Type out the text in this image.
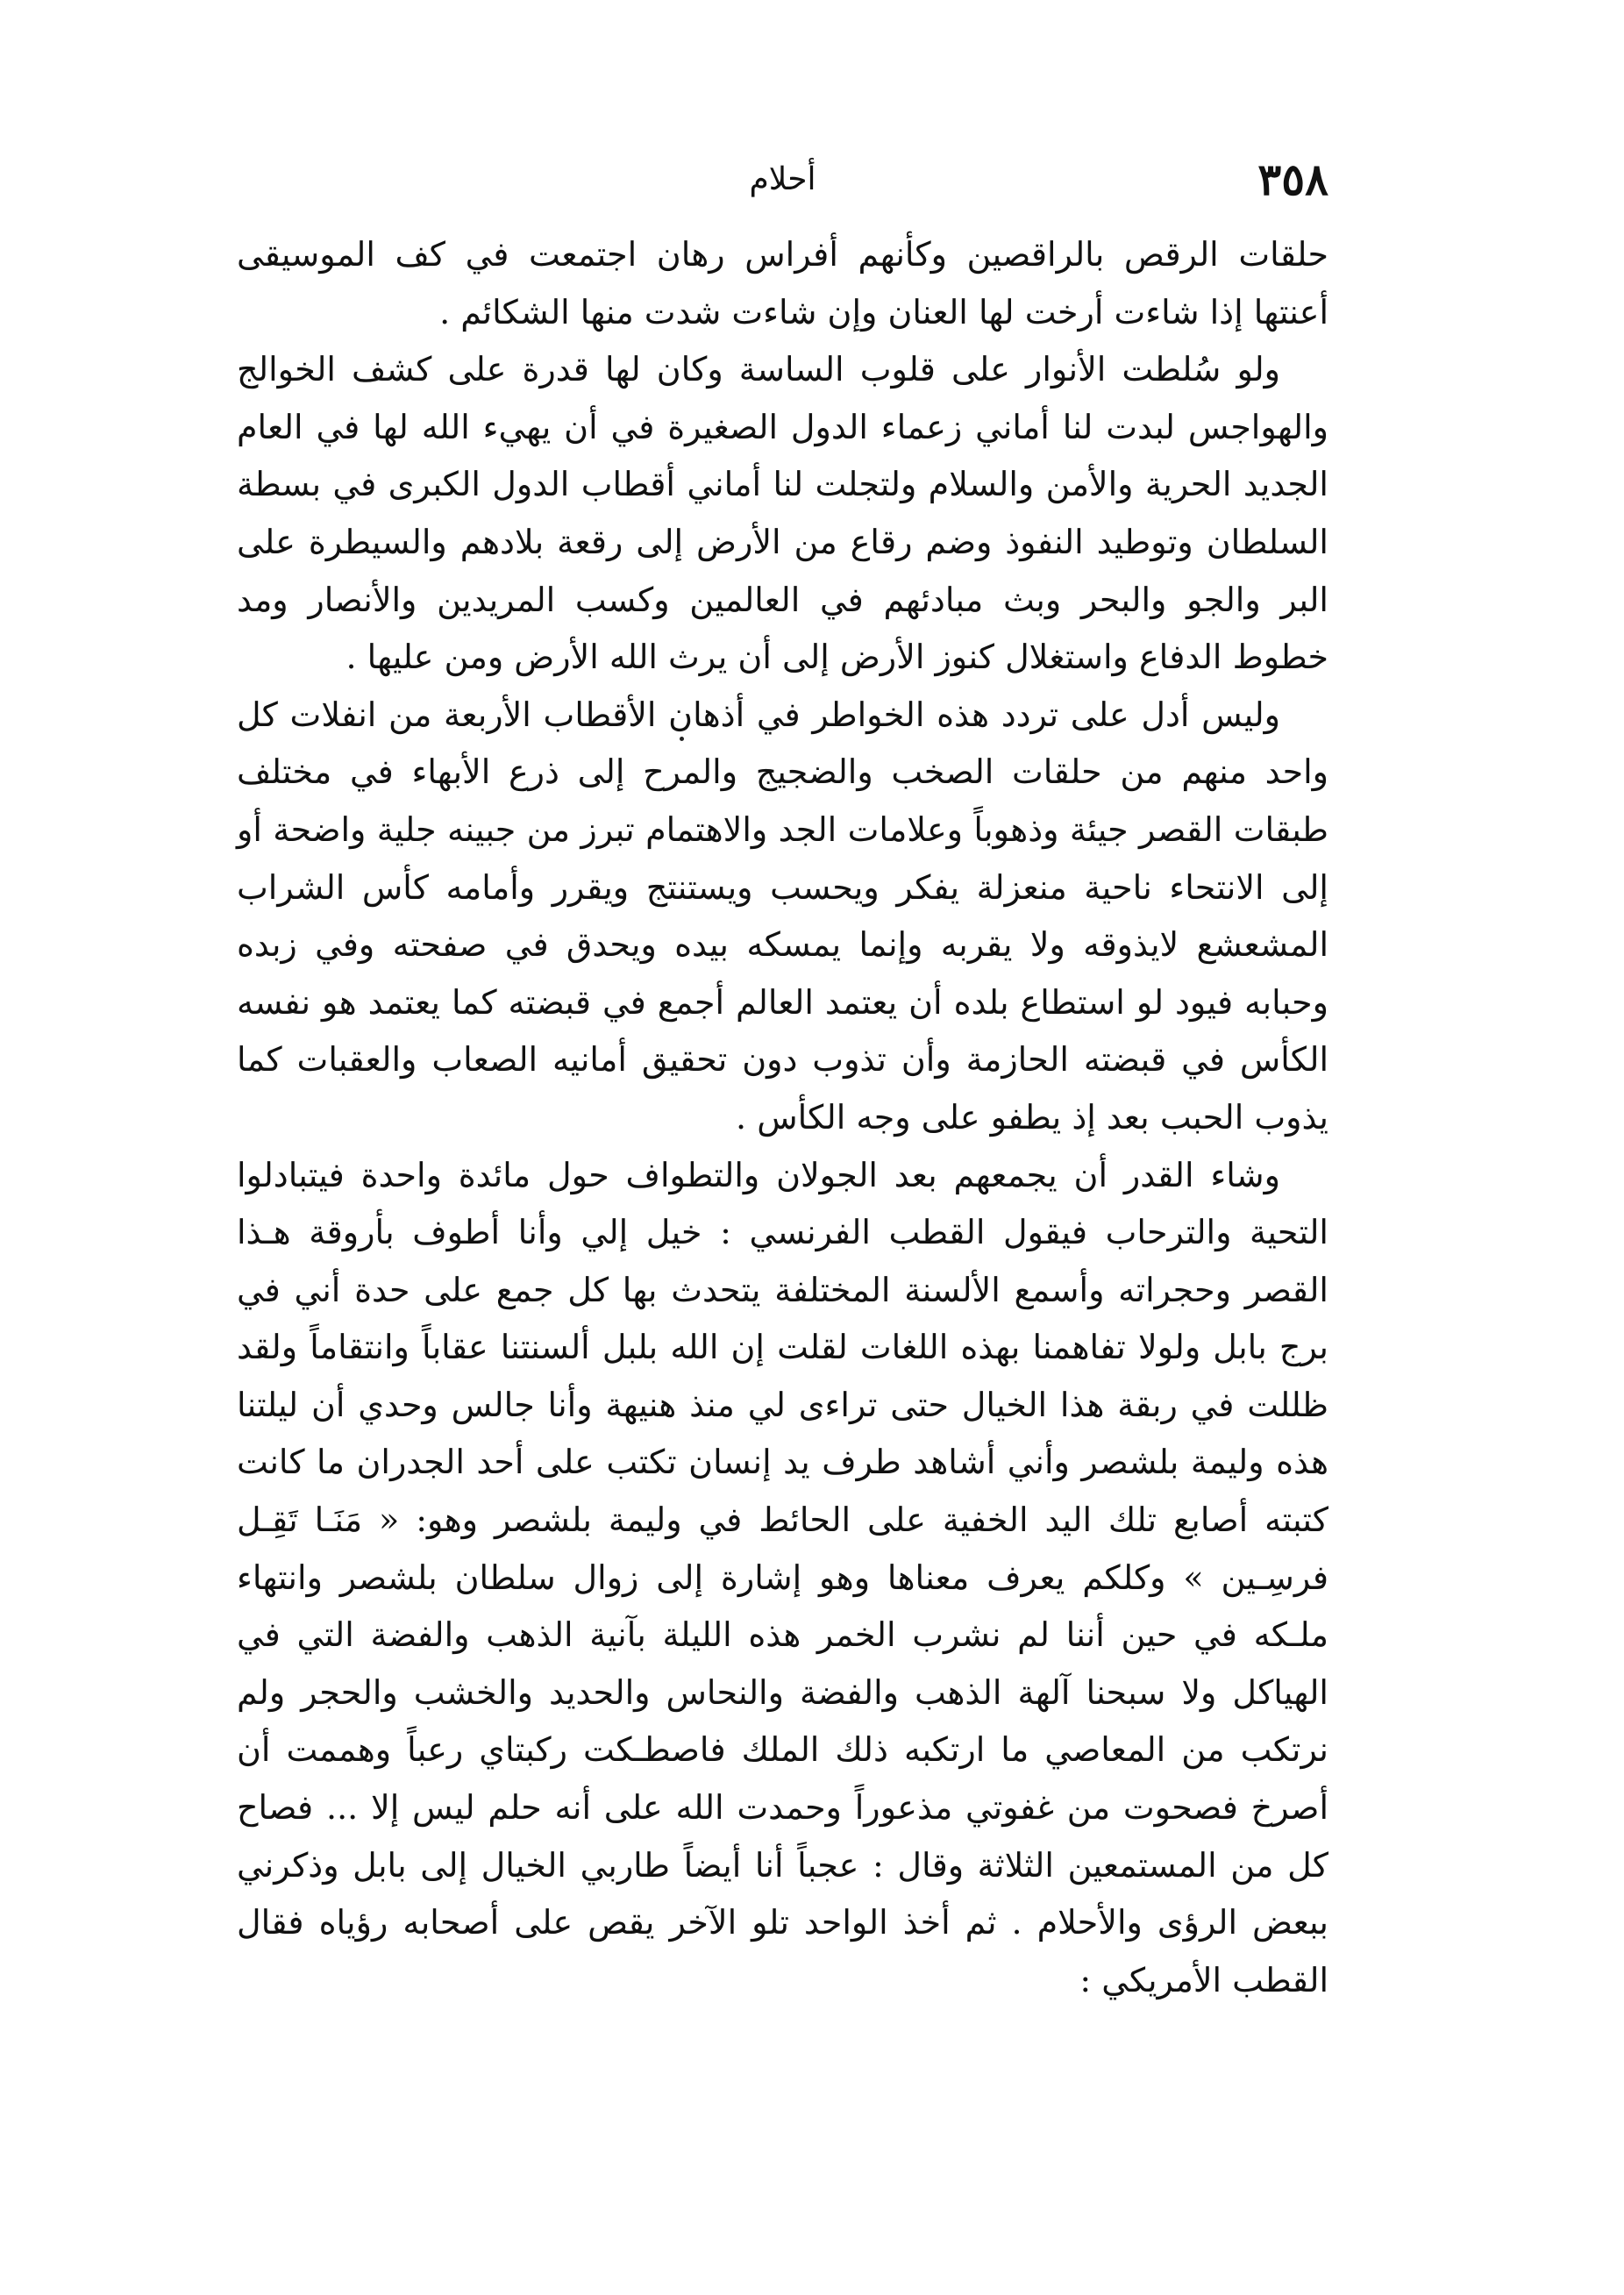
٣٥٨
أحلام

حلقات الرقص بالراقصين وكأنهم أفراس رهان اجتمعت في كف الموسيقى أعنتها إذا شاءت أرخت لها العنان وإن شاءت شدت منها الشكائم .

ولو سُلطت الأنوار على قلوب الساسة وكان لها قدرة على كشف الخوالج والهواجس لبدت لنا أماني زعماء الدول الصغيرة في أن يهيء الله لها في العام الجديد الحرية والأمن والسلام ولتجلت لنا أماني أقطاب الدول الكبرى في بسطة السلطان وتوطيد النفوذ وضم رقاع من الأرض إلى رقعة بلادهم والسيطرة على البر والجو والبحر وبث مبادئهم في العالمين وكسب المريدين والأنصار ومد خطوط الدفاع واستغلال كنوز الأرض إلى أن يرث الله الأرض ومن عليها .

وليس أدل على تردد هذه الخواطر في أذهان الأقطاب الأربعة من انفلات كل واحد منهم من حلقات الصخب والضجيج والمرح إلى ذرع الأبهاء في مختلف طبقات القصر جيئة وذهوباً وعلامات الجد والاهتمام تبرز من جبينه جلية واضحة أو إلى الانتحاء ناحية منعزلة يفكر ويحسب ويستنتج ويقرر وأمامه كأس الشراب المشعشع لايذوقه ولا يقربه وإنما يمسكه بيده ويحدق في صفحته وفي زبده وحبابه فيود لو استطاع بلده أن يعتمد العالم أجمع في قبضته كما يعتمد هو نفسه الكأس في قبضته الحازمة وأن تذوب دون تحقيق أمانيه الصعاب والعقبات كما يذوب الحبب بعد إذ يطفو على وجه الكأس .

وشاء القدر أن يجمعهم بعد الجولان والتطواف حول مائدة واحدة فيتبادلوا التحية والترحاب فيقول القطب الفرنسي : خيل إلي وأنا أطوف بأروقة هـذا القصر وحجراته وأسمع الألسنة المختلفة يتحدث بها كل جمع على حدة أني في برج بابل ولولا تفاهمنا بهذه اللغات لقلت إن الله بلبل ألسنتنا عقاباً وانتقاماً ولقد ظللت في ربقة هذا الخيال حتى تراءى لي منذ هنيهة وأنا جالس وحدي أن ليلتنا هذه وليمة بلشصر وأني أشاهد طرف يد إنسان تكتب على أحد الجدران ما كانت كتبته أصابع تلك اليد الخفية على الحائط في وليمة بلشصر وهو: « مَنَـا تَقِـل فرسِـين » وكلكم يعرف معناها وهو إشارة إلى زوال سلطان بلشصر وانتهاء ملـكه في حين أننا لم نشرب الخمر هذه الليلة بآنية الذهب والفضة التي في الهياكل ولا سبحنا آلهة الذهب والفضة والنحاس والحديد والخشب والحجر ولم نرتكب من المعاصي ما ارتكبه ذلك الملك فاصطـكت ركبتاي رعباً وهممت أن أصرخ فصحوت من غفوتي مذعوراً وحمدت الله على أنه حلم ليس إلا ... فصاح كل من المستمعين الثلاثة وقال : عجباً أنا أيضاً طاربي الخيال إلى بابل وذكرني ببعض الرؤى والأحلام . ثم أخذ الواحد تلو الآخر يقص على أصحابه رؤياه فقال القطب الأمريكي :
